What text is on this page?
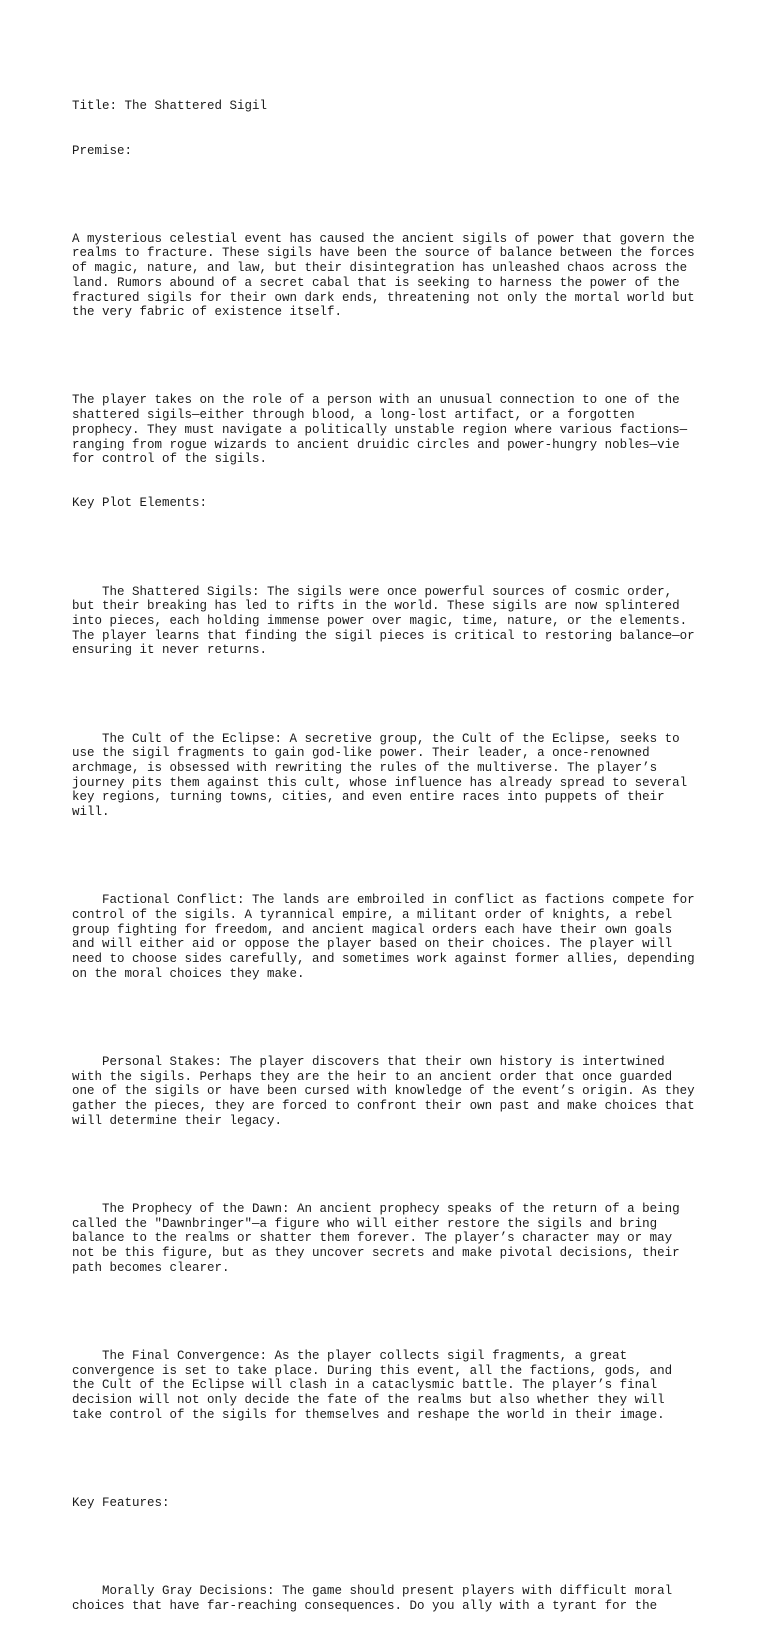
Title: The Shattered Sigil

Premise:

A mysterious celestial event has caused the ancient sigils of power that govern the realms to fracture. These sigils have been the source of balance between the forces of magic, nature, and law, but their disintegration has unleashed chaos across the land. Rumors abound of a secret cabal that is seeking to harness the power of the fractured sigils for their own dark ends, threatening not only the mortal world but the very fabric of existence itself.

The player takes on the role of a person with an unusual connection to one of the shattered sigils—either through blood, a long-lost artifact, or a forgotten prophecy. They must navigate a politically unstable region where various factions—ranging from rogue wizards to ancient druidic circles and power-hungry nobles—vie for control of the sigils.

Key Plot Elements:

The Shattered Sigils: The sigils were once powerful sources of cosmic order, but their breaking has led to rifts in the world. These sigils are now splintered into pieces, each holding immense power over magic, time, nature, or the elements. The player learns that finding the sigil pieces is critical to restoring balance—or ensuring it never returns.

The Cult of the Eclipse: A secretive group, the Cult of the Eclipse, seeks to use the sigil fragments to gain god-like power. Their leader, a once-renowned archmage, is obsessed with rewriting the rules of the multiverse. The player’s journey pits them against this cult, whose influence has already spread to several key regions, turning towns, cities, and even entire races into puppets of their will.

Factional Conflict: The lands are embroiled in conflict as factions compete for control of the sigils. A tyrannical empire, a militant order of knights, a rebel group fighting for freedom, and ancient magical orders each have their own goals and will either aid or oppose the player based on their choices. The player will need to choose sides carefully, and sometimes work against former allies, depending on the moral choices they make.

Personal Stakes: The player discovers that their own history is intertwined with the sigils. Perhaps they are the heir to an ancient order that once guarded one of the sigils or have been cursed with knowledge of the event’s origin. As they gather the pieces, they are forced to confront their own past and make choices that will determine their legacy.

The Prophecy of the Dawn: An ancient prophecy speaks of the return of a being called the "Dawnbringer"—a figure who will either restore the sigils and bring balance to the realms or shatter them forever. The player’s character may or may not be this figure, but as they uncover secrets and make pivotal decisions, their path becomes clearer.

The Final Convergence: As the player collects sigil fragments, a great convergence is set to take place. During this event, all the factions, gods, and the Cult of the Eclipse will clash in a cataclysmic battle. The player’s final decision will not only decide the fate of the realms but also whether they will take control of the sigils for themselves and reshape the world in their image.

Key Features:

Morally Gray Decisions: The game should present players with difficult moral choices that have far-reaching consequences. Do you ally with a tyrant for the
